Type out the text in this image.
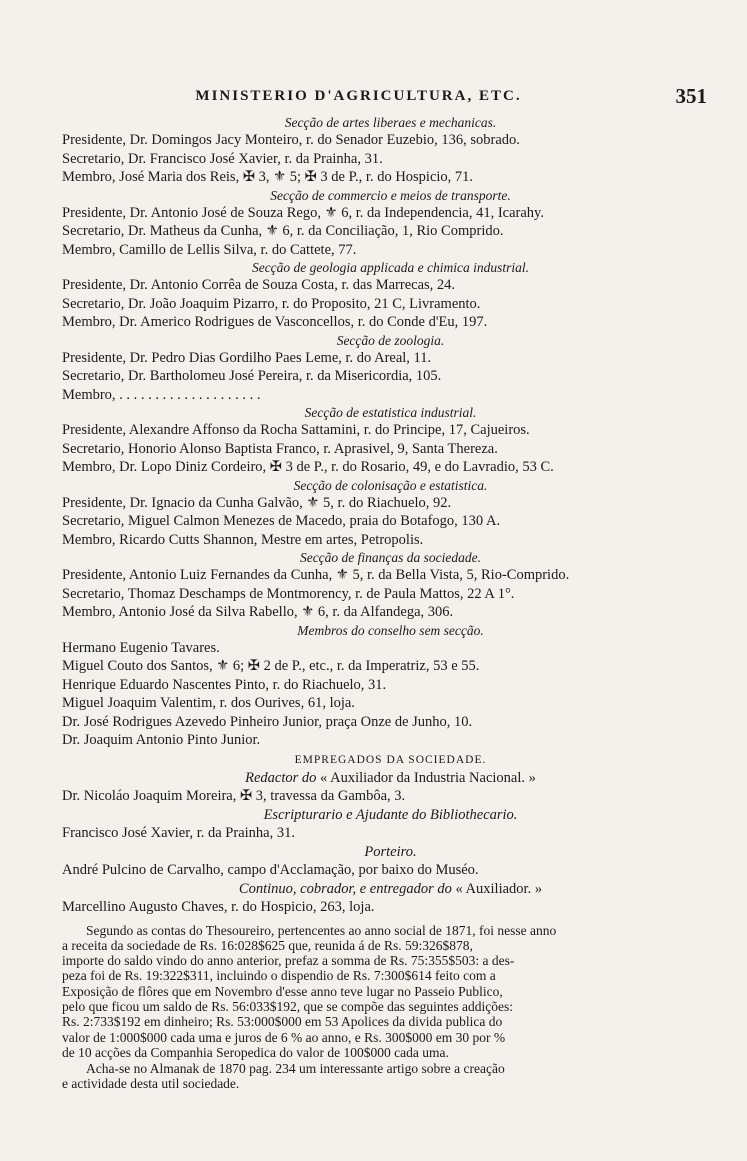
MINISTERIO D'AGRICULTURA, ETC.	351
Secção de artes liberaes e mechanicas.
Presidente, Dr. Domingos Jacy Monteiro, r. do Senador Euzebio, 136, sobrado.
Secretario, Dr. Francisco José Xavier, r. da Prainha, 31.
Membro, José Maria dos Reis, ✠ 3, ⚜ 5; ✠ 3 de P., r. do Hospicio, 71.
Secção de commercio e meios de transporte.
Presidente, Dr. Antonio José de Souza Rego, ⚜ 6, r. da Independencia, 41, Icarahy.
Secretario, Dr. Matheus da Cunha, ⚜ 6, r. da Conciliação, 1, Rio Comprido.
Membro, Camillo de Lellis Silva, r. do Cattete, 77.
Secção de geologia applicada e chimica industrial.
Presidente, Dr. Antonio Corrêa de Souza Costa, r. das Marrecas, 24.
Secretario, Dr. João Joaquim Pizarro, r. do Proposito, 21 C, Livramento.
Membro, Dr. Americo Rodrigues de Vasconcellos, r. do Conde d'Eu, 197.
Secção de zoologia.
Presidente, Dr. Pedro Dias Gordilho Paes Leme, r. do Areal, 11.
Secretario, Dr. Bartholomeu José Pereira, r. da Misericordia, 105.
Membro, . . . . . . . . . . . . . . . . . . . .
Secção de estatistica industrial.
Presidente, Alexandre Affonso da Rocha Sattamini, r. do Principe, 17, Cajueiros.
Secretario, Honorio Alonso Baptista Franco, r. Aprasivel, 9, Santa Thereza.
Membro, Dr. Lopo Diniz Cordeiro, ✠ 3 de P., r. do Rosario, 49, e do Lavradio, 53 C.
Secção de colonisação e estatistica.
Presidente, Dr. Ignacio da Cunha Galvão, ⚜ 5, r. do Riachuelo, 92.
Secretario, Miguel Calmon Menezes de Macedo, praia do Botafogo, 130 A.
Membro, Ricardo Cutts Shannon, Mestre em artes, Petropolis.
Secção de finanças da sociedade.
Presidente, Antonio Luiz Fernandes da Cunha, ⚜ 5, r. da Bella Vista, 5, Rio-Comprido.
Secretario, Thomaz Deschamps de Montmorency, r. de Paula Mattos, 22 A 1°.
Membro, Antonio José da Silva Rabello, ⚜ 6, r. da Alfandega, 306.
Membros do conselho sem secção.
Hermano Eugenio Tavares.
Miguel Couto dos Santos, ⚜ 6; ✠ 2 de P., etc., r. da Imperatriz, 53 e 55.
Henrique Eduardo Nascentes Pinto, r. do Riachuelo, 31.
Miguel Joaquim Valentim, r. dos Ourives, 61, loja.
Dr. José Rodrigues Azevedo Pinheiro Junior, praça Onze de Junho, 10.
Dr. Joaquim Antonio Pinto Junior.
EMPREGADOS DA SOCIEDADE.
Redactor do « Auxiliador da Industria Nacional. »
Dr. Nicoláo Joaquim Moreira, ✠ 3, travessa da Gambôa, 3.
Escripturario e Ajudante do Bibliothecario.
Francisco José Xavier, r. da Prainha, 31.
Porteiro.
André Pulcino de Carvalho, campo d'Acclamação, por baixo do Muséo.
Continuo, cobrador, e entregador do « Auxiliador. »
Marcellino Augusto Chaves, r. do Hospicio, 263, loja.
Segundo as contas do Thesoureiro, pertencentes ao anno social de 1871, foi nesse anno
a receita da sociedade de Rs. 16:028$625 que, reunida á de Rs. 59:326$878,
importe do saldo vindo do anno anterior, prefaz a somma de Rs. 75:355$503: a des-
peza foi de Rs. 19:322$311, incluindo o dispendio de Rs. 7:300$614 feito com a
Exposição de flôres que em Novembro d'esse anno teve lugar no Passeio Publico,
pelo que ficou um saldo de Rs. 56:033$192, que se compõe das seguintes addições:
Rs. 2:733$192 em dinheiro; Rs. 53:000$000 em 53 Apolices da divida publica do
valor de 1:000$000 cada uma e juros de 6 % ao anno, e Rs. 300$000 em 30 por %
de 10 acções da Companhia Seropedica do valor de 100$000 cada uma.
Acha-se no Almanak de 1870 pag. 234 um interessante artigo sobre a creação
e actividade desta util sociedade.
